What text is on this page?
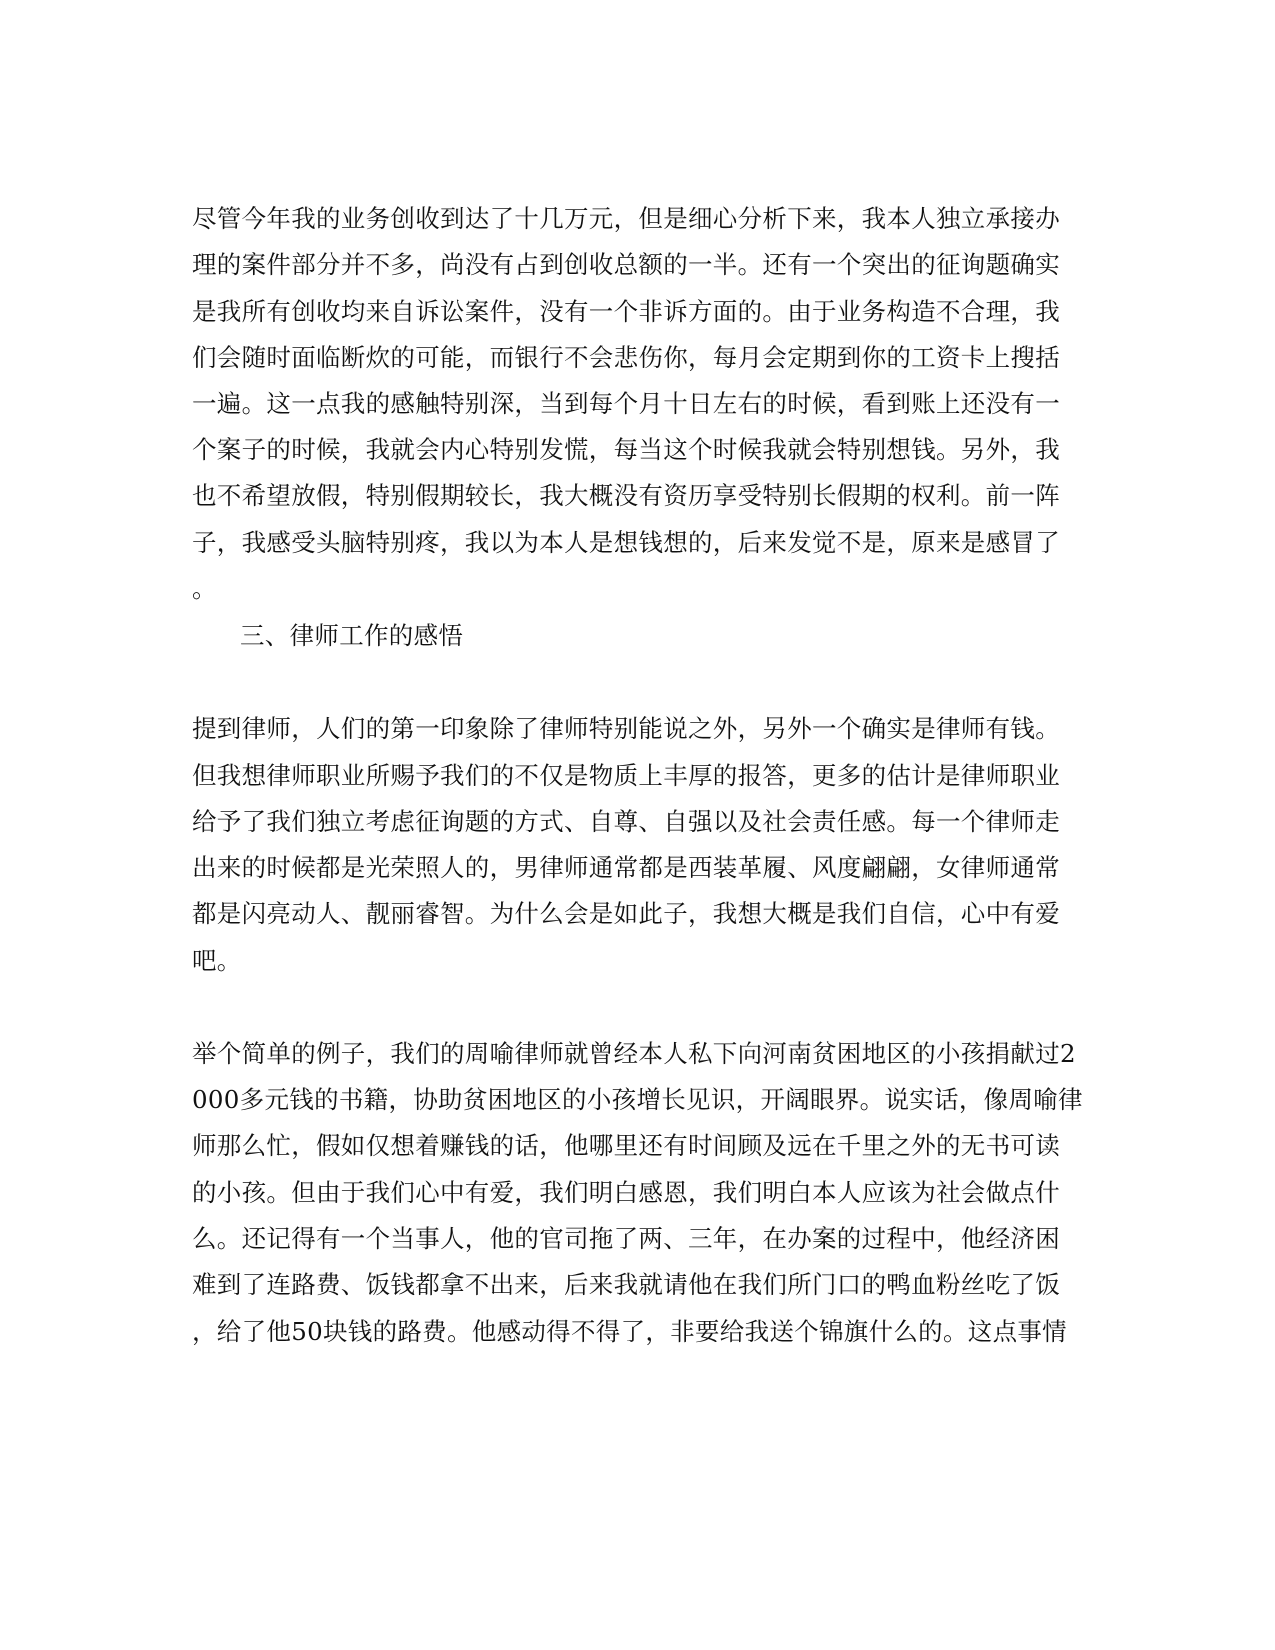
尽管今年我的业务创收到达了十几万元，但是细心分析下来，我本人独立承接办
理的案件部分并不多，尚没有占到创收总额的一半。还有一个突出的征询题确实
是我所有创收均来自诉讼案件，没有一个非诉方面的。由于业务构造不合理，我
们会随时面临断炊的可能，而银行不会悲伤你，每月会定期到你的工资卡上搜括
一遍。这一点我的感触特别深，当到每个月十日左右的时候，看到账上还没有一
个案子的时候，我就会内心特别发慌，每当这个时候我就会特别想钱。另外，我
也不希望放假，特别假期较长，我大概没有资历享受特别长假期的权利。前一阵
子，我感受头脑特别疼，我以为本人是想钱想的，后来发觉不是，原来是感冒了
。
三、律师工作的感悟
提到律师，人们的第一印象除了律师特别能说之外，另外一个确实是律师有钱。
但我想律师职业所赐予我们的不仅是物质上丰厚的报答，更多的估计是律师职业
给予了我们独立考虑征询题的方式、自尊、自强以及社会责任感。每一个律师走
出来的时候都是光荣照人的，男律师通常都是西装革履、风度翩翩，女律师通常
都是闪亮动人、靓丽睿智。为什么会是如此子，我想大概是我们自信，心中有爱
吧。
举个简单的例子，我们的周喻律师就曾经本人私下向河南贫困地区的小孩捐献过2
000多元钱的书籍，协助贫困地区的小孩增长见识，开阔眼界。说实话，像周喻律
师那么忙，假如仅想着赚钱的话，他哪里还有时间顾及远在千里之外的无书可读
的小孩。但由于我们心中有爱，我们明白感恩，我们明白本人应该为社会做点什
么。还记得有一个当事人，他的官司拖了两、三年，在办案的过程中，他经济困
难到了连路费、饭钱都拿不出来，后来我就请他在我们所门口的鸭血粉丝吃了饭
，给了他50块钱的路费。他感动得不得了，非要给我送个锦旗什么的。这点事情
